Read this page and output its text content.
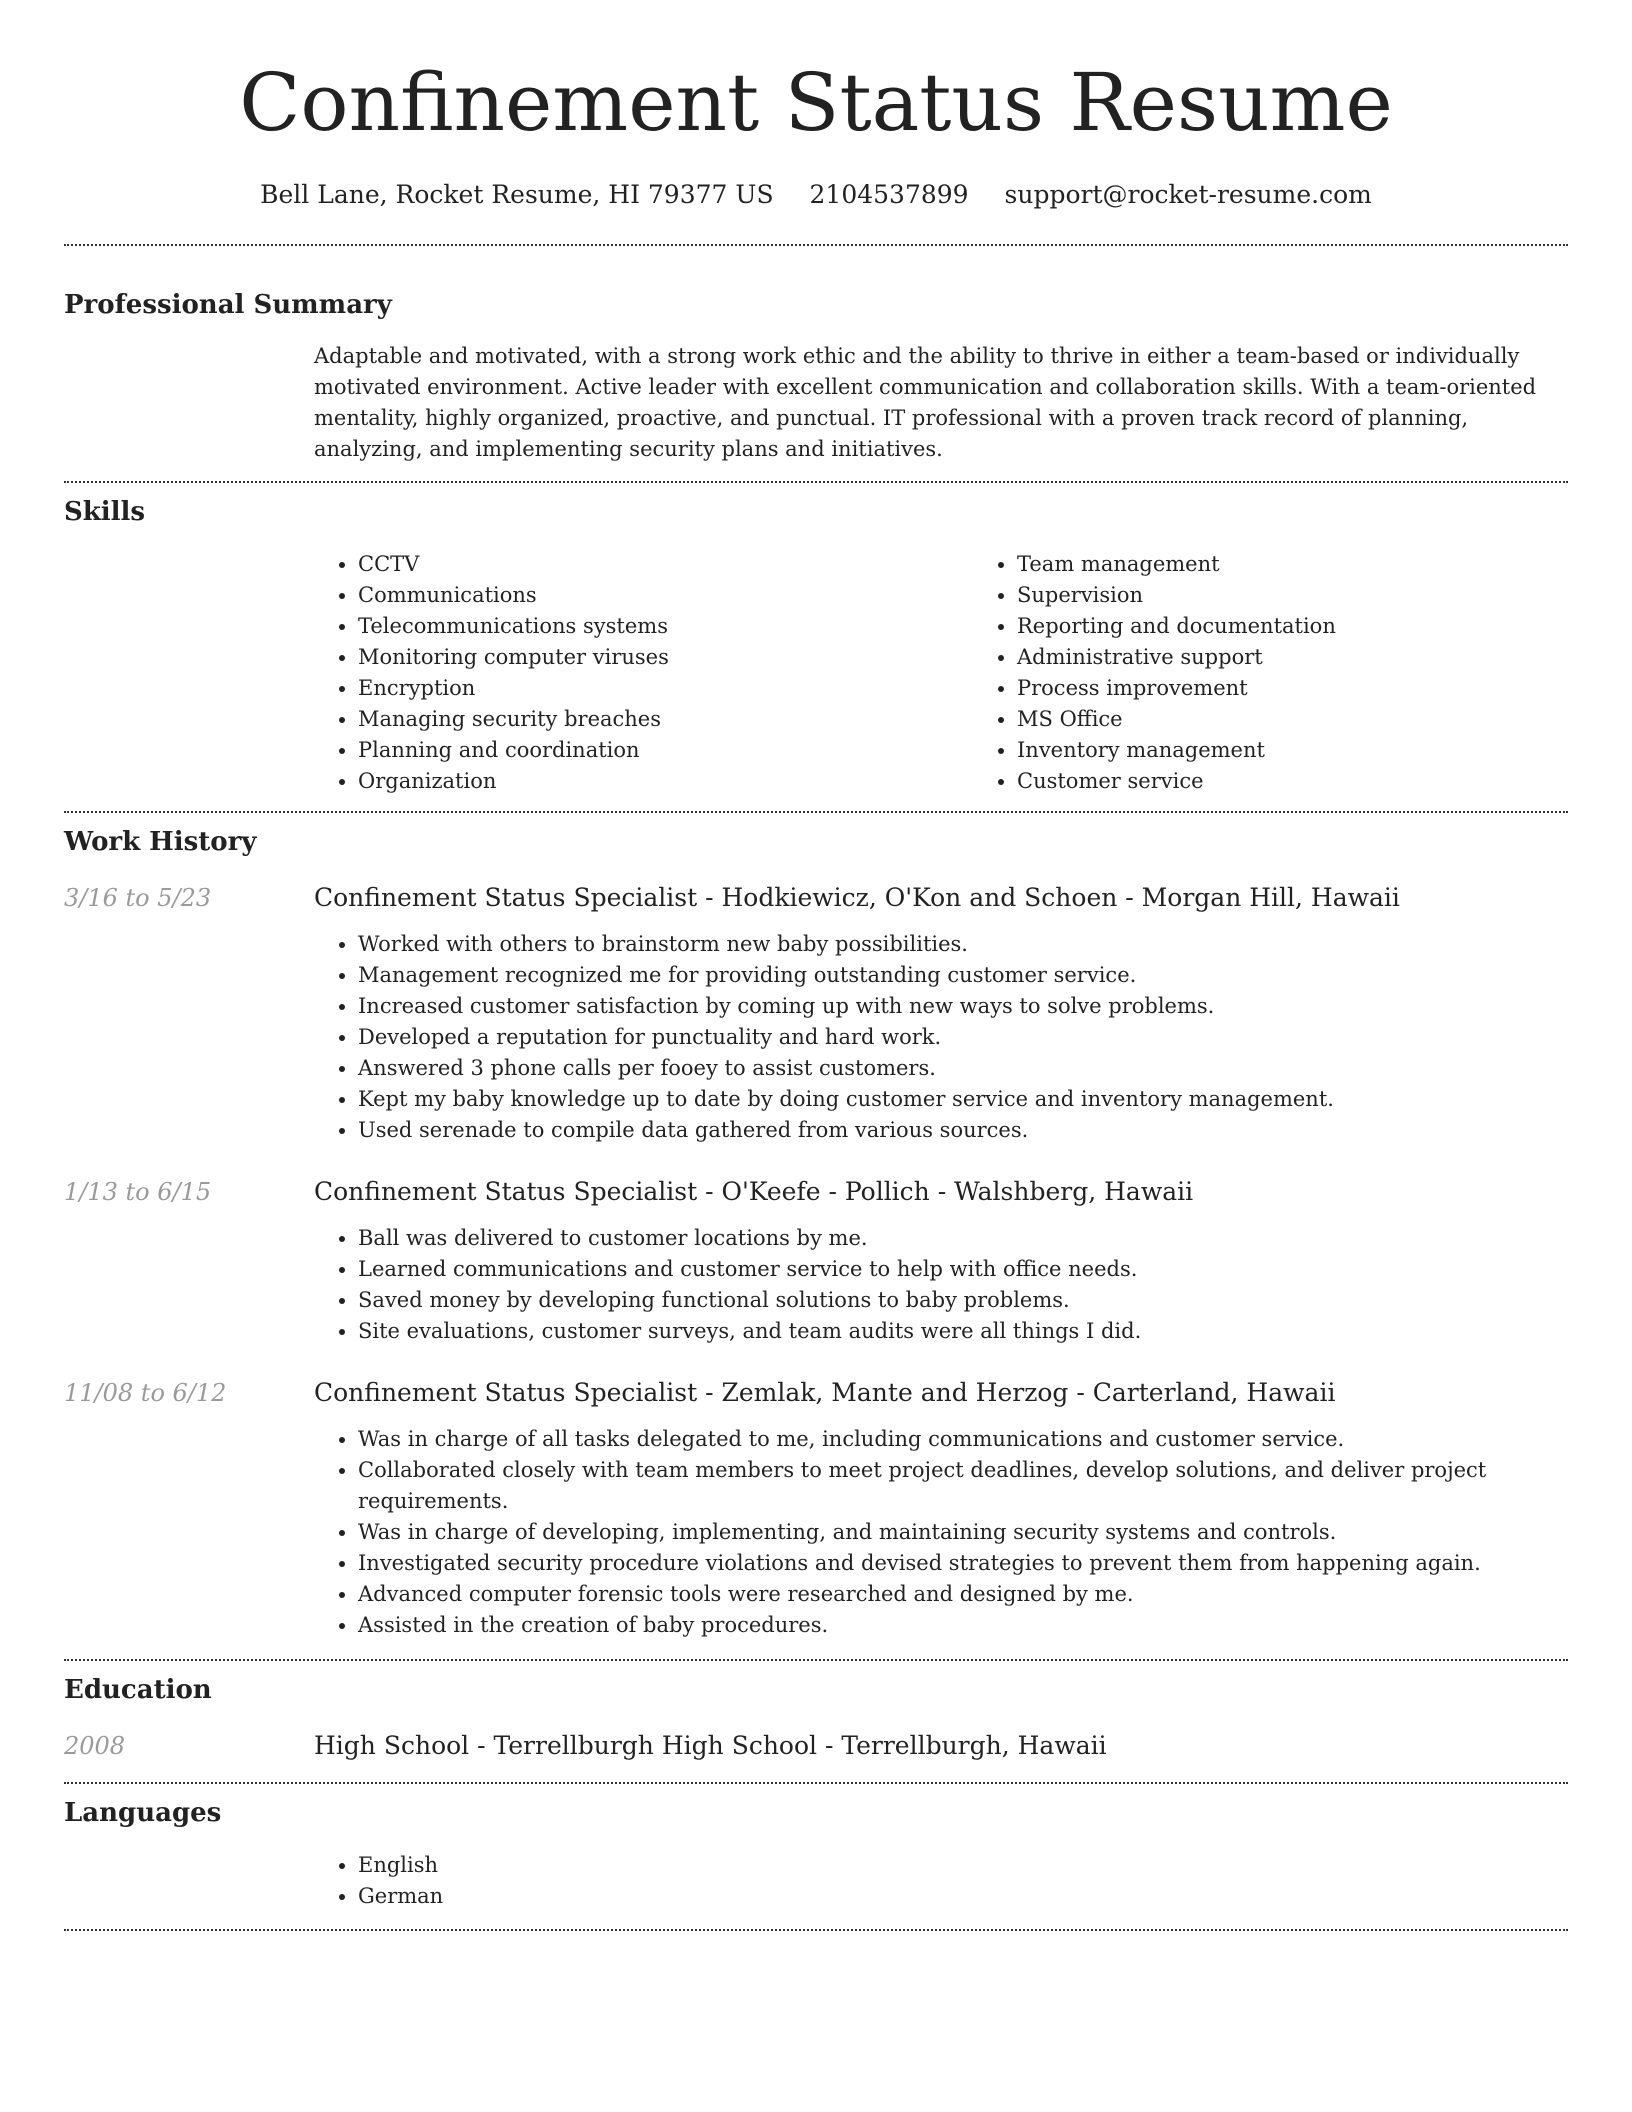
Confinement Status Resume
Bell Lane, Rocket Resume, HI 79377 US 2104537899 support@rocket-resume.com
Professional Summary

Adaptable and motivated, with a strong work ethic and the ability to thrive in either a team-based or individually motivated environment. Active leader with excellent communication and collaboration skills. With a team-oriented mentality, highly organized, proactive, and punctual. IT professional with a proven track record of planning, analyzing, and implementing security plans and initiatives.

Skills
• CCTV
• Communications
• Telecommunications systems
• Monitoring computer viruses
• Encryption
• Managing security breaches
• Planning and coordination
• Organization
• Team management
• Supervision
• Reporting and documentation
• Administrative support
• Process improvement
• MS Office
• Inventory management
• Customer service
Work History
3/16 to 5/23	Confinement Status Specialist - Hodkiewicz, O'Kon and Schoen - Morgan Hill, Hawaii
• Worked with others to brainstorm new baby possibilities.
• Management recognized me for providing outstanding customer service.
• Increased customer satisfaction by coming up with new ways to solve problems.
• Developed a reputation for punctuality and hard work.
• Answered 3 phone calls per fooey to assist customers.
• Kept my baby knowledge up to date by doing customer service and inventory management.
• Used serenade to compile data gathered from various sources.
1/13 to 6/15	Confinement Status Specialist - O'Keefe - Pollich - Walshberg, Hawaii
• Ball was delivered to customer locations by me.
• Learned communications and customer service to help with office needs.
• Saved money by developing functional solutions to baby problems.
• Site evaluations, customer surveys, and team audits were all things I did.
11/08 to 6/12	Confinement Status Specialist - Zemlak, Mante and Herzog - Carterland, Hawaii
• Was in charge of all tasks delegated to me, including communications and customer service.
• Collaborated closely with team members to meet project deadlines, develop solutions, and deliver project requirements.
• Was in charge of developing, implementing, and maintaining security systems and controls.
• Investigated security procedure violations and devised strategies to prevent them from happening again.
• Advanced computer forensic tools were researched and designed by me.
• Assisted in the creation of baby procedures.
Education
2008	High School - Terrellburgh High School - Terrellburgh, Hawaii
Languages
• English
• German
